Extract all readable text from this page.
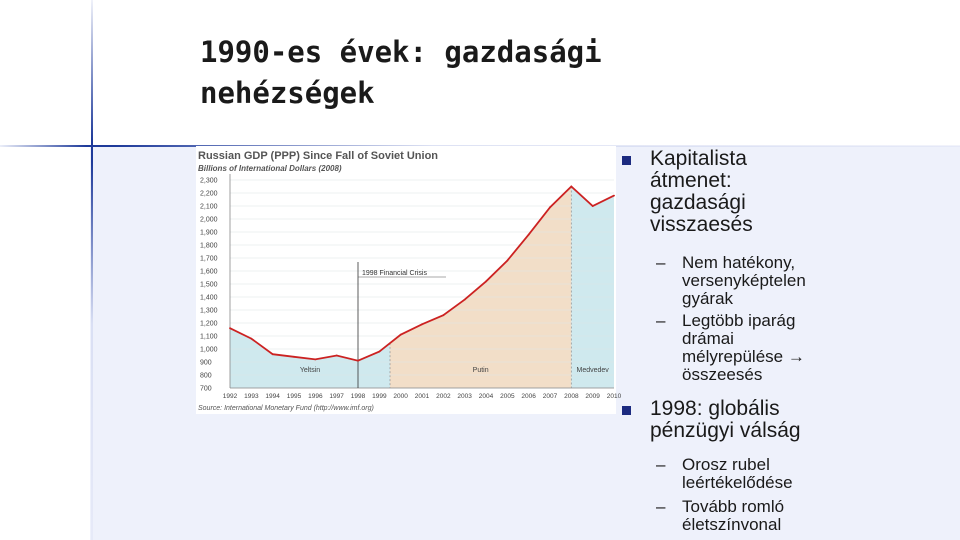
1990-es évek: gazdasági
nehézségek
Russian GDP (PPP) Since Fall of Soviet Union
Billions of International Dollars (2008)
Yeltsin	Putin	Medvedev
2,300
2,200
2,100
2,000
1,900
1,800
1,700
1,600
1,500
1,400
1,300
1,200
1,100
1,000
900
800
700
1992 1993 1994 1995 1996 1997 1998 1999 2000 2001 2002 2003 2004 2005 2006 2007 2008 2009 2010
1998 Financial Crisis
Source: International Monetary Fund (http://www.imf.org)
Kapitalista átmenet: gazdasági visszaesés
– Nem hatékony, versenyképtelen gyárak
– Legtöbb iparág drámai mélyrepülése → összeesés
1998: globális pénzügyi válság
– Orosz rubel leértékelődése
– Tovább romló életszínvonal
